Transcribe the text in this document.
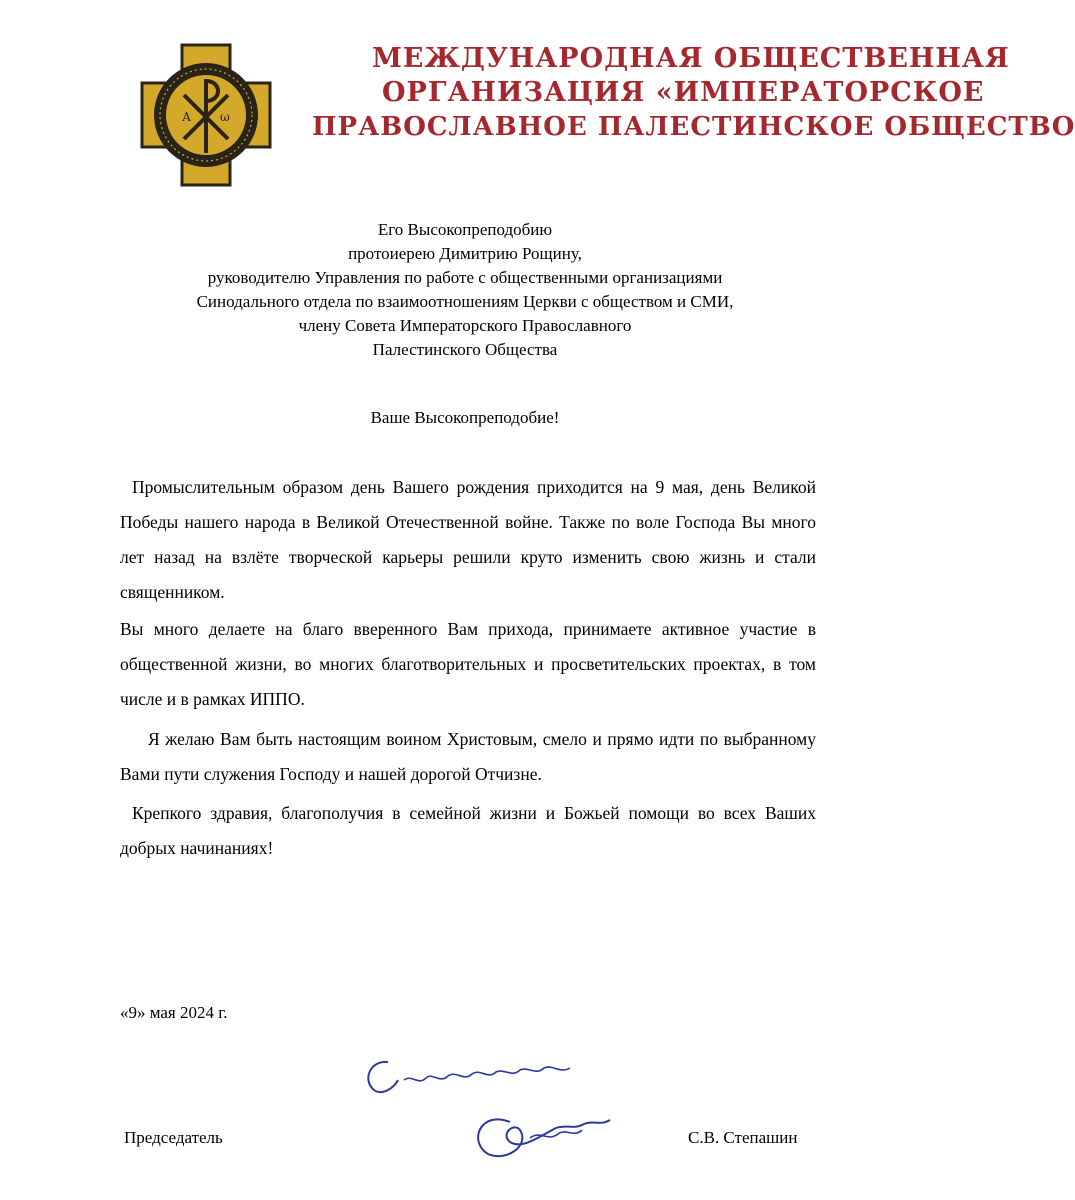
А ω
МЕЖДУНАРОДНАЯ ОБЩЕСТВЕННАЯ
ОРГАНИЗАЦИЯ «ИМПЕРАТОРСКОЕ
ПРАВОСЛАВНОЕ ПАЛЕСТИНСКОЕ ОБЩЕСТВО
Его Высокопреподобию
протоиерею Димитрию Рощину,
руководителю Управления по работе с общественными организациями
Синодального отдела по взаимоотношениям Церкви с обществом и СМИ,
члену Совета Императорского Православного
Палестинского Общества
Ваше Высокопреподобие!

Промыслительным образом день Вашего рождения приходится на 9 мая, день Великой Победы нашего народа в Великой Отечественной войне. Также по воле Господа Вы много лет назад на взлёте творческой карьеры решили круто изменить свою жизнь и стали священником.

Вы много делаете на благо вверенного Вам прихода, принимаете активное участие в общественной жизни, во многих благотворительных и просветительских проектах, в том числе и в рамках ИППО.

Я желаю Вам быть настоящим воином Христовым, смело и прямо идти по выбранному Вами пути служения Господу и нашей дорогой Отчизне.

Крепкого здравия, благополучия в семейной жизни и Божьей помощи во всех Ваших добрых начинаниях!

«9» мая 2024 г.
Председатель	С.В. Степашин
